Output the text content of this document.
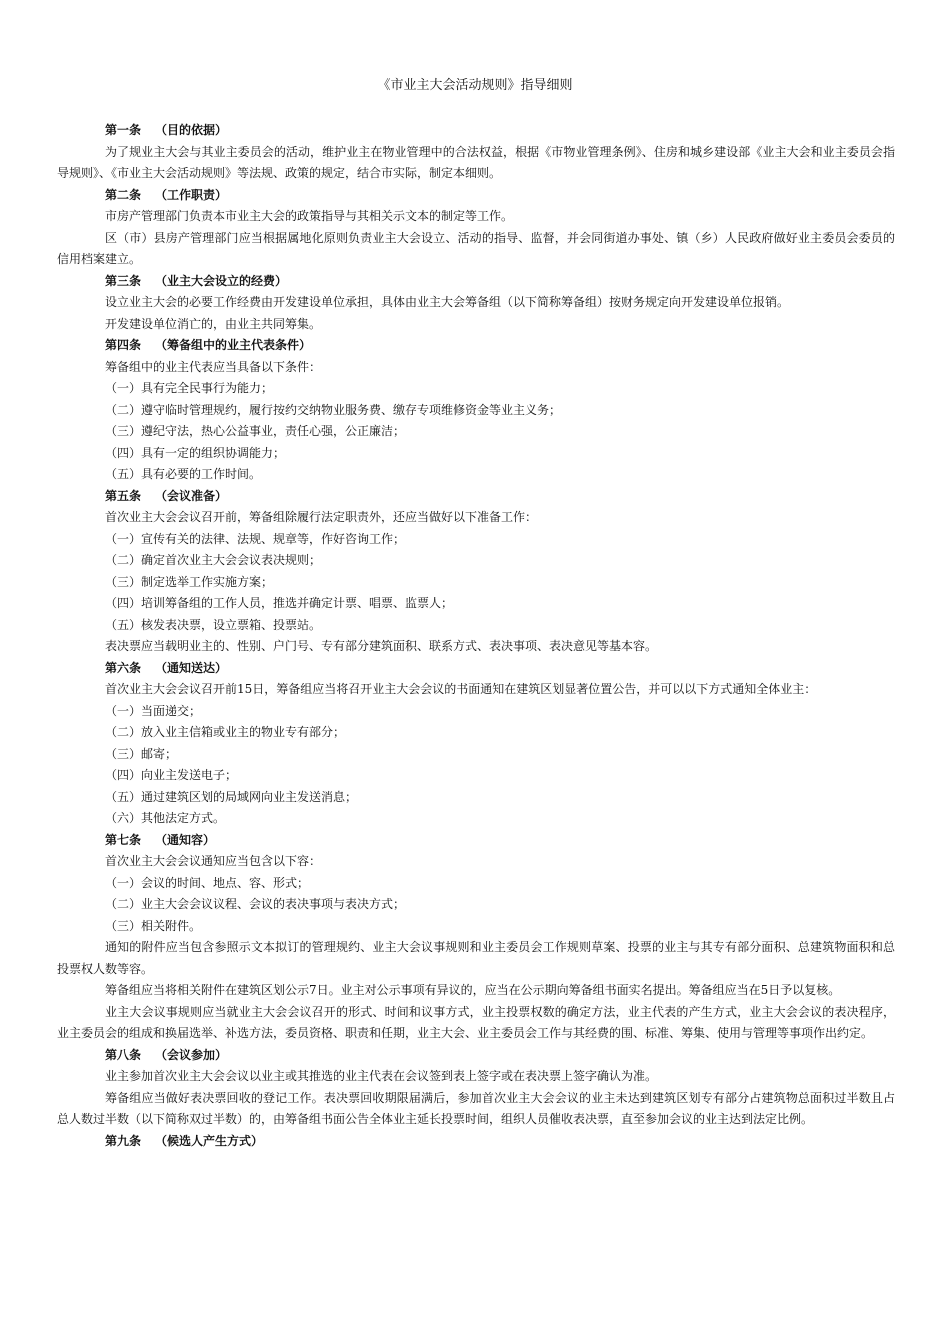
《市业主大会活动规则》指导细则

第一条 （目的依据）

为了规业主大会与其业主委员会的活动，维护业主在物业管理中的合法权益，根据《市物业管理条例》、住房和城乡建设部《业主大会和业主委员会指导规则》、《市业主大会活动规则》等法规、政策的规定，结合市实际，制定本细则。

第二条 （工作职责）

市房产管理部门负责本市业主大会的政策指导与其相关示文本的制定等工作。

区（市）县房产管理部门应当根据属地化原则负责业主大会设立、活动的指导、监督，并会同街道办事处、镇（乡）人民政府做好业主委员会委员的信用档案建立。

第三条 （业主大会设立的经费）

设立业主大会的必要工作经费由开发建设单位承担，具体由业主大会筹备组（以下简称筹备组）按财务规定向开发建设单位报销。

开发建设单位消亡的，由业主共同筹集。

第四条 （筹备组中的业主代表条件）

筹备组中的业主代表应当具备以下条件：

（一）具有完全民事行为能力；

（二）遵守临时管理规约，履行按约交纳物业服务费、缴存专项维修资金等业主义务；

（三）遵纪守法，热心公益事业，责任心强，公正廉洁；

（四）具有一定的组织协调能力；

（五）具有必要的工作时间。

第五条 （会议准备）

首次业主大会会议召开前，筹备组除履行法定职责外，还应当做好以下准备工作：

（一）宣传有关的法律、法规、规章等，作好咨询工作；

（二）确定首次业主大会会议表决规则；

（三）制定选举工作实施方案；

（四）培训筹备组的工作人员，推选并确定计票、唱票、监票人；

（五）核发表决票，设立票箱、投票站。

表决票应当载明业主的、性别、户门号、专有部分建筑面积、联系方式、表决事项、表决意见等基本容。

第六条 （通知送达）

首次业主大会会议召开前15日，筹备组应当将召开业主大会会议的书面通知在建筑区划显著位置公告，并可以以下方式通知全体业主：

（一）当面递交；

（二）放入业主信箱或业主的物业专有部分；

（三）邮寄；

（四）向业主发送电子；

（五）通过建筑区划的局域网向业主发送消息；

（六）其他法定方式。

第七条 （通知容）

首次业主大会会议通知应当包含以下容：

（一）会议的时间、地点、容、形式；

（二）业主大会会议议程、会议的表决事项与表决方式；

（三）相关附件。

通知的附件应当包含参照示文本拟订的管理规约、业主大会议事规则和业主委员会工作规则草案、投票的业主与其专有部分面积、总建筑物面积和总投票权人数等容。

筹备组应当将相关附件在建筑区划公示7日。业主对公示事项有异议的，应当在公示期向筹备组书面实名提出。筹备组应当在5日予以复核。

业主大会议事规则应当就业主大会会议召开的形式、时间和议事方式，业主投票权数的确定方法，业主代表的产生方式，业主大会会议的表决程序，业主委员会的组成和换届选举、补选方法，委员资格、职责和任期，业主大会、业主委员会工作与其经费的围、标准、筹集、使用与管理等事项作出约定。

第八条 （会议参加）

业主参加首次业主大会会议以业主或其推选的业主代表在会议签到表上签字或在表决票上签字确认为准。

筹备组应当做好表决票回收的登记工作。表决票回收期限届满后，参加首次业主大会会议的业主未达到建筑区划专有部分占建筑物总面积过半数且占总人数过半数（以下简称双过半数）的，由筹备组书面公告全体业主延长投票时间，组织人员催收表决票，直至参加会议的业主达到法定比例。

第九条 （候选人产生方式）
